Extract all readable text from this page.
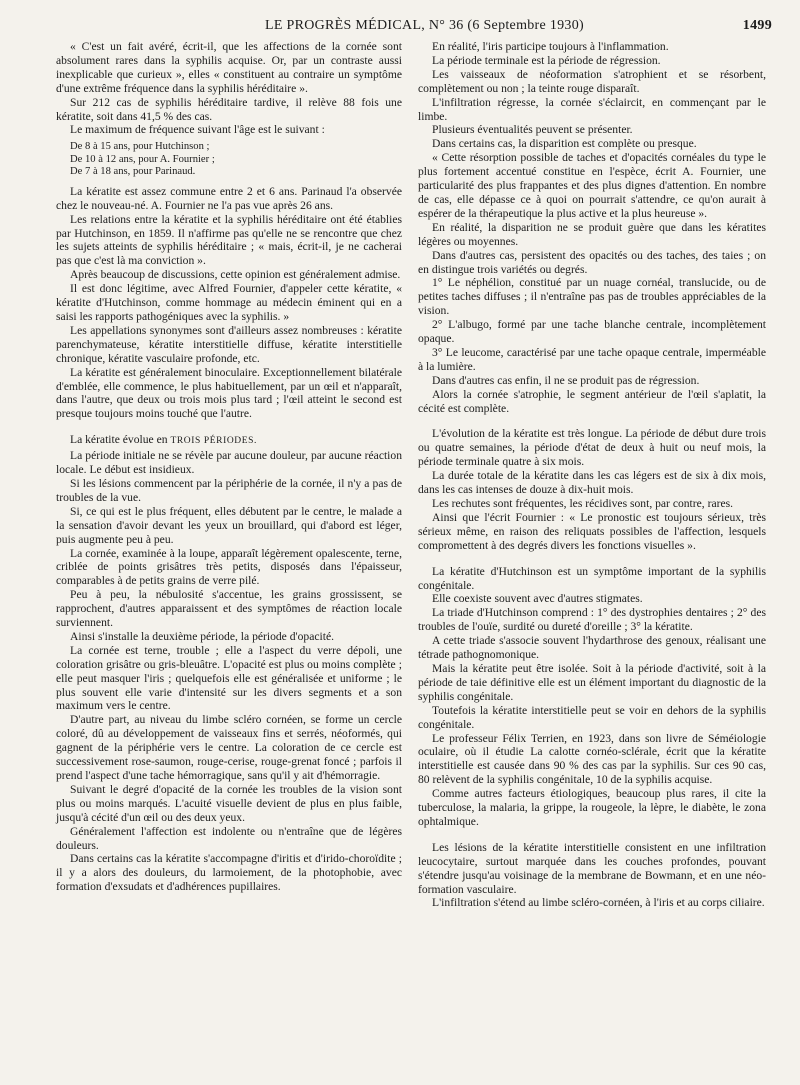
LE PROGRÈS MÉDICAL, N° 36 (6 Septembre 1930)	1499

« C'est un fait avéré, écrit-il, que les affections de la cornée sont absolument rares dans la syphilis acquise. Or, par un contraste aussi inexplicable que curieux », elles « constituent au contraire un symptôme d'une extrême fréquence dans la syphilis héréditaire ».

Sur 212 cas de syphilis héréditaire tardive, il relève 88 fois une kératite, soit dans 41,5 % des cas.

Le maximum de fréquence suivant l'âge est le suivant :

De 8 à 15 ans, pour Hutchinson ;
De 10 à 12 ans, pour A. Fournier ;
De 7 à 18 ans, pour Parinaud.

La kératite est assez commune entre 2 et 6 ans. Parinaud l'a observée chez le nouveau-né. A. Fournier ne l'a pas vue après 26 ans.

Les relations entre la kératite et la syphilis héréditaire ont été établies par Hutchinson, en 1859. Il n'affirme pas qu'elle ne se rencontre que chez les sujets atteints de syphilis héréditaire ; « mais, écrit-il, je ne cacherai pas que c'est là ma conviction ».

Après beaucoup de discussions, cette opinion est généralement admise.

Il est donc légitime, avec Alfred Fournier, d'appeler cette kératite, « kératite d'Hutchinson, comme hommage au médecin éminent qui en a saisi les rapports pathogéniques avec la syphilis. »

Les appellations synonymes sont d'ailleurs assez nombreuses : kératite parenchymateuse, kératite interstitielle diffuse, kératite interstitielle chronique, kératite vasculaire profonde, etc.

La kératite est généralement binoculaire. Exceptionnellement bilatérale d'emblée, elle commence, le plus habituellement, par un œil et n'apparaît, dans l'autre, que deux ou trois mois plus tard ; l'œil atteint le second est presque toujours moins touché que l'autre.

La kératite évolue en TROIS PÉRIODES.

La période initiale ne se révèle par aucune douleur, par aucune réaction locale. Le début est insidieux.

Si les lésions commencent par la périphérie de la cornée, il n'y a pas de troubles de la vue.

Si, ce qui est le plus fréquent, elles débutent par le centre, le malade a la sensation d'avoir devant les yeux un brouillard, qui d'abord est léger, puis augmente peu à peu.

La cornée, examinée à la loupe, apparaît légèrement opalescente, terne, criblée de points grisâtres très petits, disposés dans l'épaisseur, comparables à de petits grains de verre pilé.

Peu à peu, la nébulosité s'accentue, les grains grossissent, se rapprochent, d'autres apparaissent et des symptômes de réaction locale surviennent.

Ainsi s'installe la deuxième période, la période d'opacité.

La cornée est terne, trouble ; elle a l'aspect du verre dépoli, une coloration grisâtre ou gris-bleuâtre. L'opacité est plus ou moins complète ; elle peut masquer l'iris ; quelquefois elle est généralisée et uniforme ; le plus souvent elle varie d'intensité sur les divers segments et a son maximum vers le centre.

D'autre part, au niveau du limbe scléro cornéen, se forme un cercle coloré, dû au développement de vaisseaux fins et serrés, néoformés, qui gagnent de la périphérie vers le centre. La coloration de ce cercle est successivement rose-saumon, rouge-cerise, rouge-grenat foncé ; parfois il prend l'aspect d'une tache hémorragique, sans qu'il y ait d'hémorragie.

Suivant le degré d'opacité de la cornée les troubles de la vision sont plus ou moins marqués. L'acuité visuelle devient de plus en plus faible, jusqu'à cécité d'un œil ou des deux yeux.

Généralement l'affection est indolente ou n'entraîne que de légères douleurs.

Dans certains cas la kératite s'accompagne d'iritis et d'irido-choroïdite ; il y a alors des douleurs, du larmoiement, de la photophobie, avec formation d'exsudats et d'adhérences pupillaires.

En réalité, l'iris participe toujours à l'inflammation.

La période terminale est la période de régression.

Les vaisseaux de néoformation s'atrophient et se résorbent, complètement ou non ; la teinte rouge disparaît.

L'infiltration régresse, la cornée s'éclaircit, en commençant par le limbe.

Plusieurs éventualités peuvent se présenter.

Dans certains cas, la disparition est complète ou presque.

« Cette résorption possible de taches et d'opacités cornéales du type le plus fortement accentué constitue en l'espèce, écrit A. Fournier, une particularité des plus frappantes et des plus dignes d'attention. En nombre de cas, elle dépasse ce à quoi on pourrait s'attendre, ce qu'on aurait à espérer de la thérapeutique la plus active et la plus heureuse ».

En réalité, la disparition ne se produit guère que dans les kératites légères ou moyennes.

Dans d'autres cas, persistent des opacités ou des taches, des taies ; on en distingue trois variétés ou degrés.

1° Le néphélion, constitué par un nuage cornéal, translucide, ou de petites taches diffuses ; il n'entraîne pas pas de troubles appréciables de la vision.

2° L'albugo, formé par une tache blanche centrale, incomplètement opaque.

3° Le leucome, caractérisé par une tache opaque centrale, imperméable à la lumière.

Dans d'autres cas enfin, il ne se produit pas de régression.

Alors la cornée s'atrophie, le segment antérieur de l'œil s'aplatit, la cécité est complète.

L'évolution de la kératite est très longue. La période de début dure trois ou quatre semaines, la période d'état de deux à huit ou neuf mois, la période terminale quatre à six mois.

La durée totale de la kératite dans les cas légers est de six à dix mois, dans les cas intenses de douze à dix-huit mois.

Les rechutes sont fréquentes, les récidives sont, par contre, rares.

Ainsi que l'écrit Fournier : « Le pronostic est toujours sérieux, très sérieux même, en raison des reliquats possibles de l'affection, lesquels compromettent à des degrés divers les fonctions visuelles ».

La kératite d'Hutchinson est un symptôme important de la syphilis congénitale.

Elle coexiste souvent avec d'autres stigmates.

La triade d'Hutchinson comprend : 1° des dystrophies dentaires ; 2° des troubles de l'ouïe, surdité ou dureté d'oreille ; 3° la kératite.

A cette triade s'associe souvent l'hydarthrose des genoux, réalisant une tétrade pathognomonique.

Mais la kératite peut être isolée. Soit à la période d'activité, soit à la période de taie définitive elle est un élément important du diagnostic de la syphilis congénitale.

Toutefois la kératite interstitielle peut se voir en dehors de la syphilis congénitale.

Le professeur Félix Terrien, en 1923, dans son livre de Séméiologie oculaire, où il étudie La calotte cornéo-sclérale, écrit que la kératite interstitielle est causée dans 90 % des cas par la syphilis. Sur ces 90 cas, 80 relèvent de la syphilis congénitale, 10 de la syphilis acquise.

Comme autres facteurs étiologiques, beaucoup plus rares, il cite la tuberculose, la malaria, la grippe, la rougeole, la lèpre, le diabète, le zona ophtalmique.

Les lésions de la kératite interstitielle consistent en une infiltration leucocytaire, surtout marquée dans les couches profondes, pouvant s'étendre jusqu'au voisinage de la membrane de Bowmann, et en une néo-formation vasculaire.

L'infiltration s'étend au limbe scléro-cornéen, à l'iris et au corps ciliaire.
